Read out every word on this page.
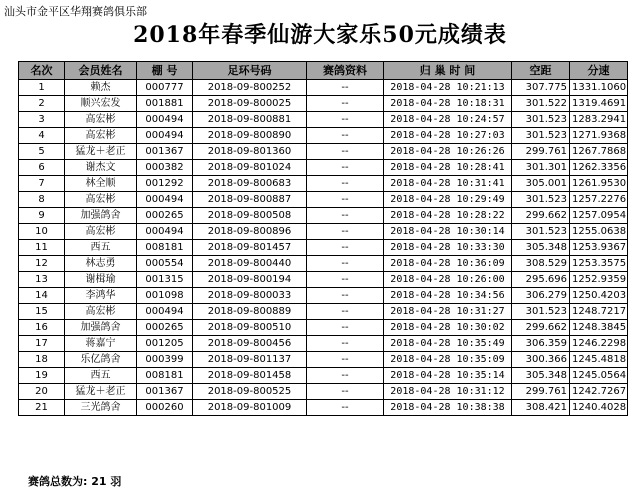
汕头市金平区华翔赛鸽俱乐部
2018年春季仙游大家乐50元成绩表
名次	会员姓名	棚 号	足环号码	赛鸽资料	归 巢 时 间	空距	分速
1	赖杰	000777	2018-09-800252	--	2018-04-28 10:21:13	307.775	1331.1060
2	顺兴宏发	001881	2018-09-800025	--	2018-04-28 10:18:31	301.522	1319.4691
3	高宏彬	000494	2018-09-800881	--	2018-04-28 10:24:57	301.523	1283.2941
4	高宏彬	000494	2018-09-800890	--	2018-04-28 10:27:03	301.523	1271.9368
5	猛龙＋老正	001367	2018-09-801360	--	2018-04-28 10:26:26	299.761	1267.7868
6	谢杰文	000382	2018-09-801024	--	2018-04-28 10:28:41	301.301	1262.3356
7	林全顺	001292	2018-09-800683	--	2018-04-28 10:31:41	305.001	1261.9530
8	高宏彬	000494	2018-09-800887	--	2018-04-28 10:29:49	301.523	1257.2276
9	加强鸽舍	000265	2018-09-800508	--	2018-04-28 10:28:22	299.662	1257.0954
10	高宏彬	000494	2018-09-800896	--	2018-04-28 10:30:14	301.523	1255.0638
11	西五	008181	2018-09-801457	--	2018-04-28 10:33:30	305.348	1253.9367
12	林志勇	000554	2018-09-800440	--	2018-04-28 10:36:09	308.529	1253.3575
13	谢楫瑜	001315	2018-09-800194	--	2018-04-28 10:26:00	295.696	1252.9359
14	李鸿华	001098	2018-09-800033	--	2018-04-28 10:34:56	306.279	1250.4203
15	高宏彬	000494	2018-09-800889	--	2018-04-28 10:31:27	301.523	1248.7217
16	加强鸽舍	000265	2018-09-800510	--	2018-04-28 10:30:02	299.662	1248.3845
17	蒋嘉宁	001205	2018-09-800456	--	2018-04-28 10:35:49	306.359	1246.2298
18	乐亿鸽舍	000399	2018-09-801137	--	2018-04-28 10:35:09	300.366	1245.4818
19	西五	008181	2018-09-801458	--	2018-04-28 10:35:14	305.348	1245.0564
20	猛龙＋老正	001367	2018-09-800525	--	2018-04-28 10:31:12	299.761	1242.7267
21	三光鸽舍	000260	2018-09-801009	--	2018-04-28 10:38:38	308.421	1240.4028
赛鸽总数为: 21 羽
